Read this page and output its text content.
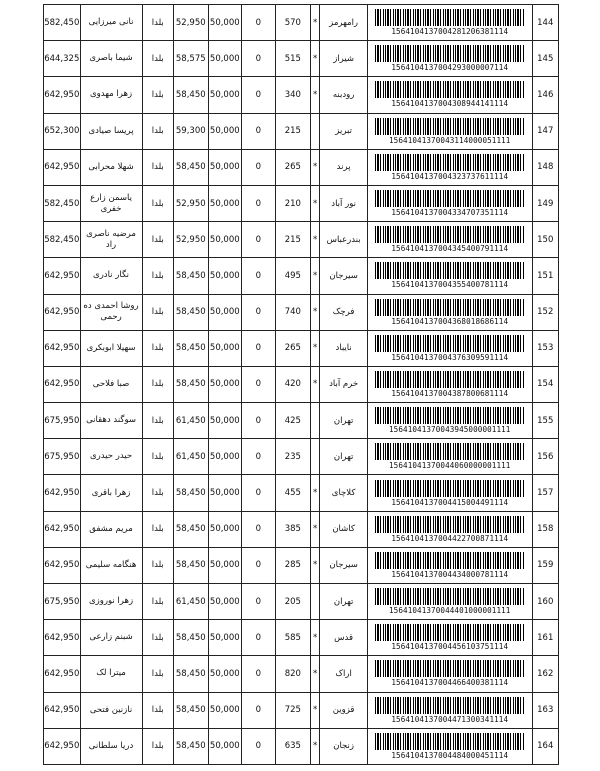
582,450	نانی میرزایی	بلدا	52,950	50,000	0	570	*	رامهرمز	1564104137004281206381114	144
644,325	شیما باصری	بلدا	58,575	50,000	0	515	*	شیراز	1564104137004293000007114	145
642,950	زهرا مهدوی	بلدا	58,450	50,000	0	340	*	رودبنه	1564104137004308944141114	146
652,300	پریسا صیادی	بلدا	59,300	50,000	0	215		تبریز	15641041370043114000051111	147
642,950	شهلا محرابی	بلدا	58,450	50,000	0	265	*	پرند	1564104137004323737611114	148
582,450	یاسمن زارع خفری	بلدا	52,950	50,000	0	210	*	نور آباد	1564104137004334707351114	149
582,450	مرضیه ناصری راد	بلدا	52,950	50,000	0	215	*	بندرعباس	1564104137004345400791114	150
642,950	نگار نادری	بلدا	58,450	50,000	0	495	*	سیرجان	1564104137004355400781114	151
642,950	روشا احمدی ده رحمی	بلدا	58,450	50,000	0	740	*	فرچک	1564104137004368018686114	152
642,950	سهیلا ابوبکری	بلدا	58,450	50,000	0	265	*	نایباد	1564104137004376309591114	153
642,950	صبا فلاحی	بلدا	58,450	50,000	0	420	*	خرم آباد	1564104137004387800681114	154
675,950	سوگند دهقانی	بلدا	61,450	50,000	0	425		تهران	15641041370043945000001111	155
675,950	حیدر حیدری	بلدا	61,450	50,000	0	235		تهران	15641041370044060000001111	156
642,950	زهرا باقری	بلدا	58,450	50,000	0	455	*	کلاچای	1564104137004415004491114	157
642,950	مریم مشفق	بلدا	58,450	50,000	0	385	*	کاشان	1564104137004422700871114	158
642,950	هنگامه سلیمی	بلدا	58,450	50,000	0	285	*	سیرجان	1564104137004434000781114	159
675,950	زهرا نوروزی	بلدا	61,450	50,000	0	205		تهران	15641041370044401000001111	160
642,950	شبنم زارعی	بلدا	58,450	50,000	0	585	*	قدس	1564104137004456103751114	161
642,950	میترا لک	بلدا	58,450	50,000	0	820	*	اراک	1564104137004466400381114	162
642,950	نازنین فتحی	بلدا	58,450	50,000	0	725	*	قزوین	1564104137004471300341114	163
642,950	دریا سلطانی	بلدا	58,450	50,000	0	635	*	زنجان	1564104137004484000451114	164
